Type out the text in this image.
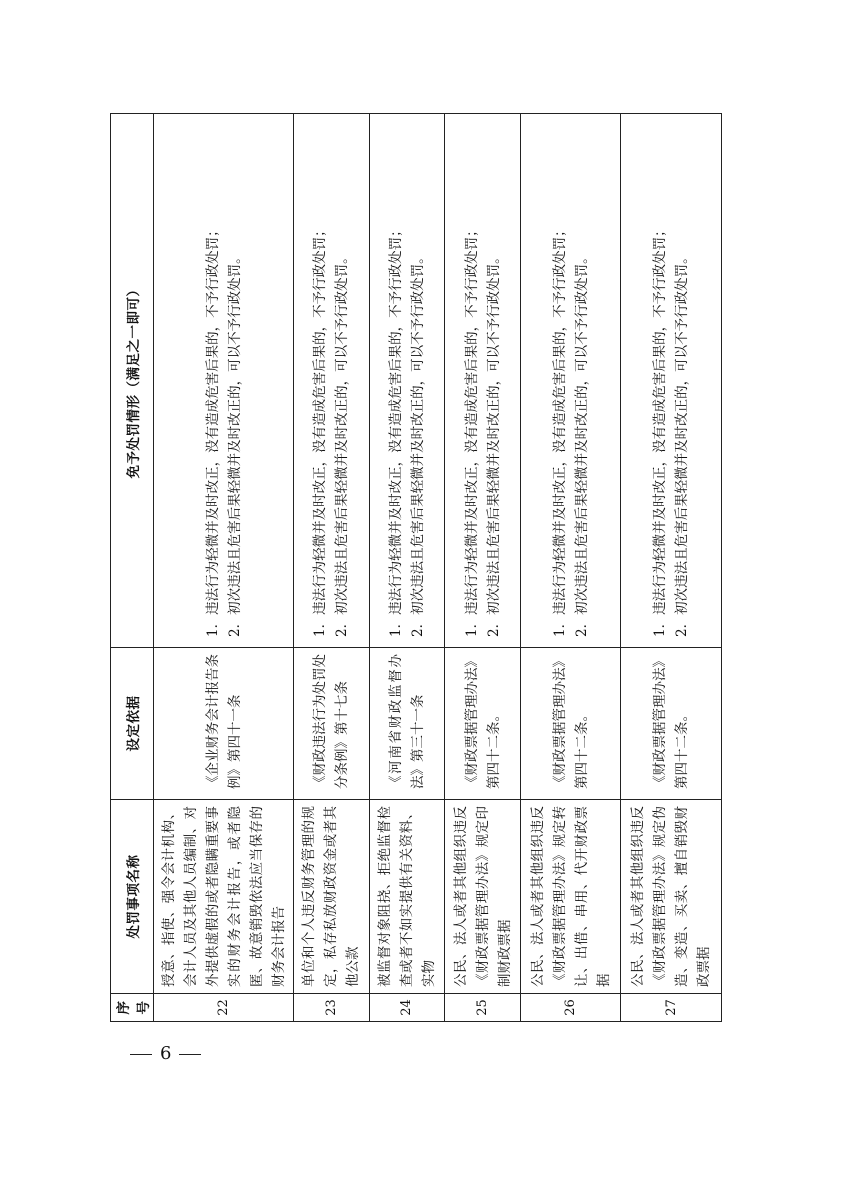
序号	处罚事项名称	设定依据	免予处罚情形（满足之一即可）
22	授意、指使、强令会计机构、会计人员及其他人员编制、对外提供虚假的或者隐瞒重要事实的财务会计报告，或者隐匿、故意销毁依法应当保存的财务会计报告	《企业财务会计报告条例》第四十一条	1．违法行为轻微并及时改正，没有造成危害后果的，不予行政处罚； 2．初次违法且危害后果轻微并及时改正的，可以不予行政处罚。

23	单位和个人违反财务管理的规定，私存私放财政资金或者其他公款	《财政违法行为处罚处分条例》第十七条	1．违法行为轻微并及时改正，没有造成危害后果的，不予行政处罚； 2．初次违法且危害后果轻微并及时改正的，可以不予行政处罚。

24	被监督对象阻挠、拒绝监督检查或者不如实提供有关资料、实物	《河南省财政监督办法》第三十一条	1．违法行为轻微并及时改正，没有造成危害后果的，不予行政处罚； 2．初次违法且危害后果轻微并及时改正的，可以不予行政处罚。

25	公民、法人或者其他组织违反《财政票据管理办法》规定印制财政票据	《财政票据管理办法》第四十二条。	1．违法行为轻微并及时改正，没有造成危害后果的，不予行政处罚； 2．初次违法且危害后果轻微并及时改正的，可以不予行政处罚。

26	公民、法人或者其他组织违反《财政票据管理办法》规定转让、出借、串用、代开财政票据	《财政票据管理办法》第四十二条。	1．违法行为轻微并及时改正，没有造成危害后果的，不予行政处罚； 2．初次违法且危害后果轻微并及时改正的，可以不予行政处罚。

27	公民、法人或者其他组织违反《财政票据管理办法》规定伪造、变造、买卖、擅自销毁财政票据	《财政票据管理办法》第四十二条。	1．违法行为轻微并及时改正，没有造成危害后果的，不予行政处罚； 2．初次违法且危害后果轻微并及时改正的，可以不予行政处罚。
6
